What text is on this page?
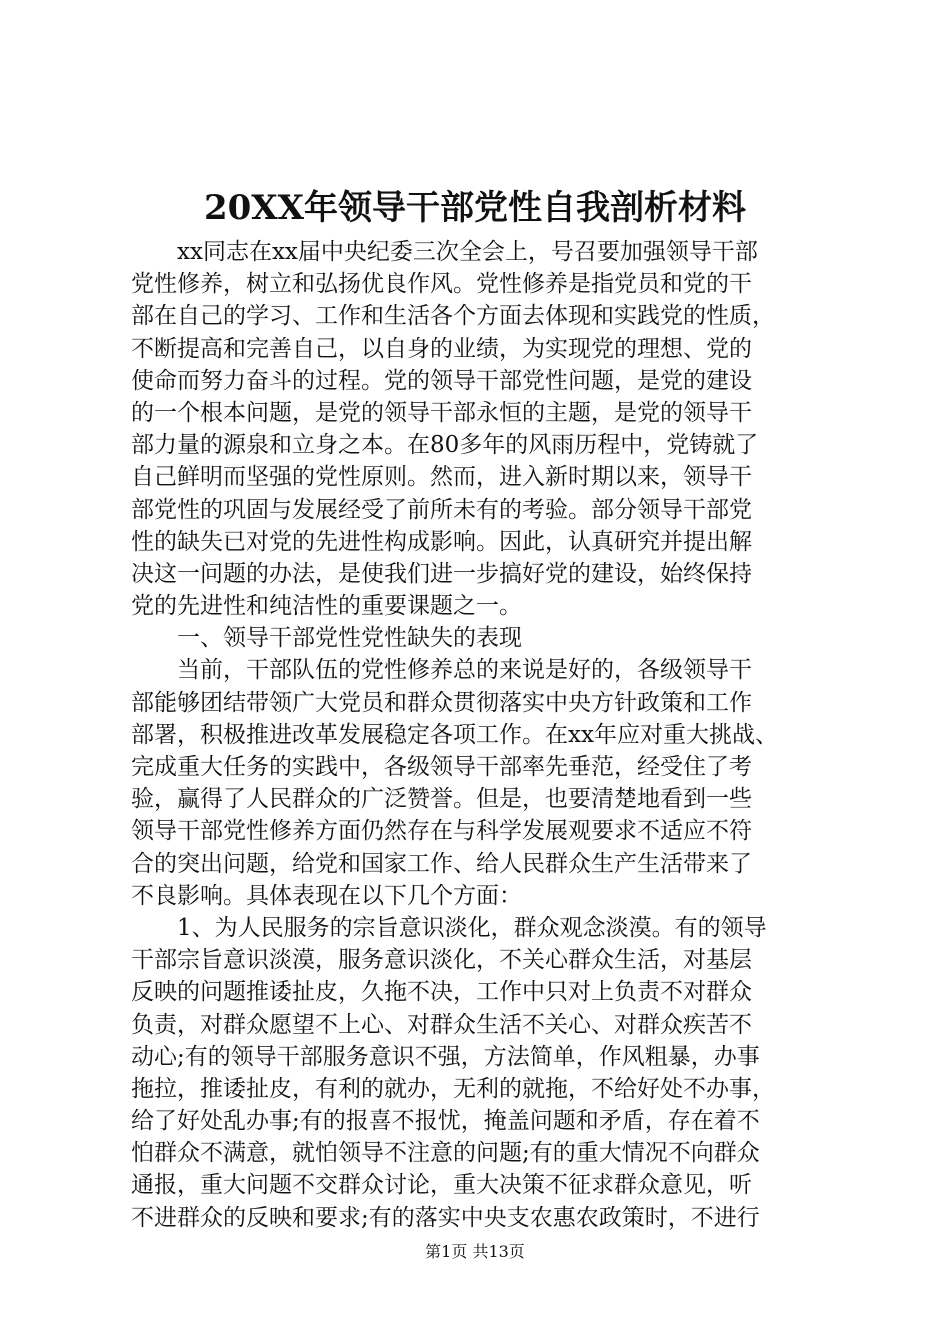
20XX年领导干部党性自我剖析材料
　　xx同志在xx届中央纪委三次全会上，号召要加强领导干部
党性修养，树立和弘扬优良作风。党性修养是指党员和党的干
部在自己的学习、工作和生活各个方面去体现和实践党的性质，
不断提高和完善自己，以自身的业绩，为实现党的理想、党的
使命而努力奋斗的过程。党的领导干部党性问题，是党的建设
的一个根本问题，是党的领导干部永恒的主题，是党的领导干
部力量的源泉和立身之本。在80多年的风雨历程中，党铸就了
自己鲜明而坚强的党性原则。然而，进入新时期以来，领导干
部党性的巩固与发展经受了前所未有的考验。部分领导干部党
性的缺失已对党的先进性构成影响。因此，认真研究并提出解
决这一问题的办法，是使我们进一步搞好党的建设，始终保持
党的先进性和纯洁性的重要课题之一。
　　一、领导干部党性党性缺失的表现
　　当前，干部队伍的党性修养总的来说是好的，各级领导干
部能够团结带领广大党员和群众贯彻落实中央方针政策和工作
部署，积极推进改革发展稳定各项工作。在xx年应对重大挑战、
完成重大任务的实践中，各级领导干部率先垂范，经受住了考
验，赢得了人民群众的广泛赞誉。但是，也要清楚地看到一些
领导干部党性修养方面仍然存在与科学发展观要求不适应不符
合的突出问题，给党和国家工作、给人民群众生产生活带来了
不良影响。具体表现在以下几个方面：
　　1、为人民服务的宗旨意识淡化，群众观念淡漠。有的领导
干部宗旨意识淡漠，服务意识淡化，不关心群众生活，对基层
反映的问题推诿扯皮，久拖不决，工作中只对上负责不对群众
负责，对群众愿望不上心、对群众生活不关心、对群众疾苦不
动心;有的领导干部服务意识不强，方法简单，作风粗暴，办事
拖拉，推诿扯皮，有利的就办，无利的就拖，不给好处不办事，
给了好处乱办事;有的报喜不报忧，掩盖问题和矛盾，存在着不
怕群众不满意，就怕领导不注意的问题;有的重大情况不向群众
通报，重大问题不交群众讨论，重大决策不征求群众意见，听
不进群众的反映和要求;有的落实中央支农惠农政策时，不进行
第1页 共13页
